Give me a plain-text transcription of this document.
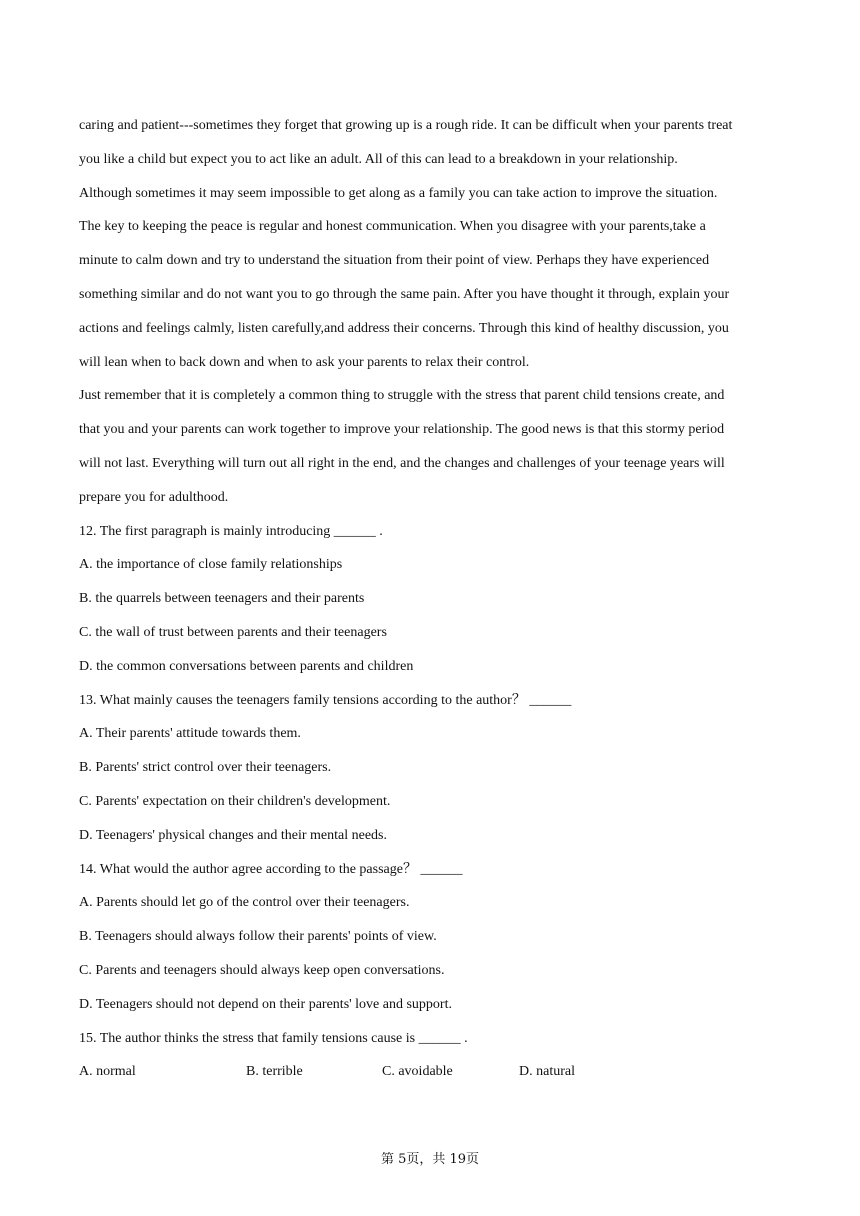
caring and patient---sometimes they forget that growing up is a rough ride. It can be difficult when your parents treat
you like a child but expect you to act like an adult. All of this can lead to a breakdown in your relationship.
Although sometimes it may seem impossible to get along as a family you can take action to improve the situation.
The key to keeping the peace is regular and honest communication. When you disagree with your parents,take a
minute to calm down and try to understand the situation from their point of view. Perhaps they have experienced
something similar and do not want you to go through the same pain. After you have thought it through, explain your
actions and feelings calmly, listen carefully,and address their concerns. Through this kind of healthy discussion, you
will lean when to back down and when to ask your parents to relax their control.
Just remember that it is completely a common thing to struggle with the stress that parent child tensions create, and
that you and your parents can work together to improve your relationship. The good news is that this stormy period
will not last. Everything will turn out all right in the end, and the changes and challenges of your teenage years will
prepare you for adulthood.
12. The first paragraph is mainly introducing ______ .
A. the importance of close family relationships
B. the quarrels between teenagers and their parents
C. the wall of trust between parents and their teenagers
D. the common conversations between parents and children
13. What mainly causes the teenagers family tensions according to the author？ ______
A. Their parents' attitude towards them.
B. Parents' strict control over their teenagers.
C. Parents' expectation on their children's development.
D. Teenagers' physical changes and their mental needs.
14. What would the author agree according to the passage？ ______
A. Parents should let go of the control over their teenagers.
B. Teenagers should always follow their parents' points of view.
C. Parents and teenagers should always keep open conversations.
D. Teenagers should not depend on their parents' love and support.
15. The author thinks the stress that family tensions cause is ______ .
A. normal	B. terrible	C. avoidable	D. natural
第 5页，共 19页
